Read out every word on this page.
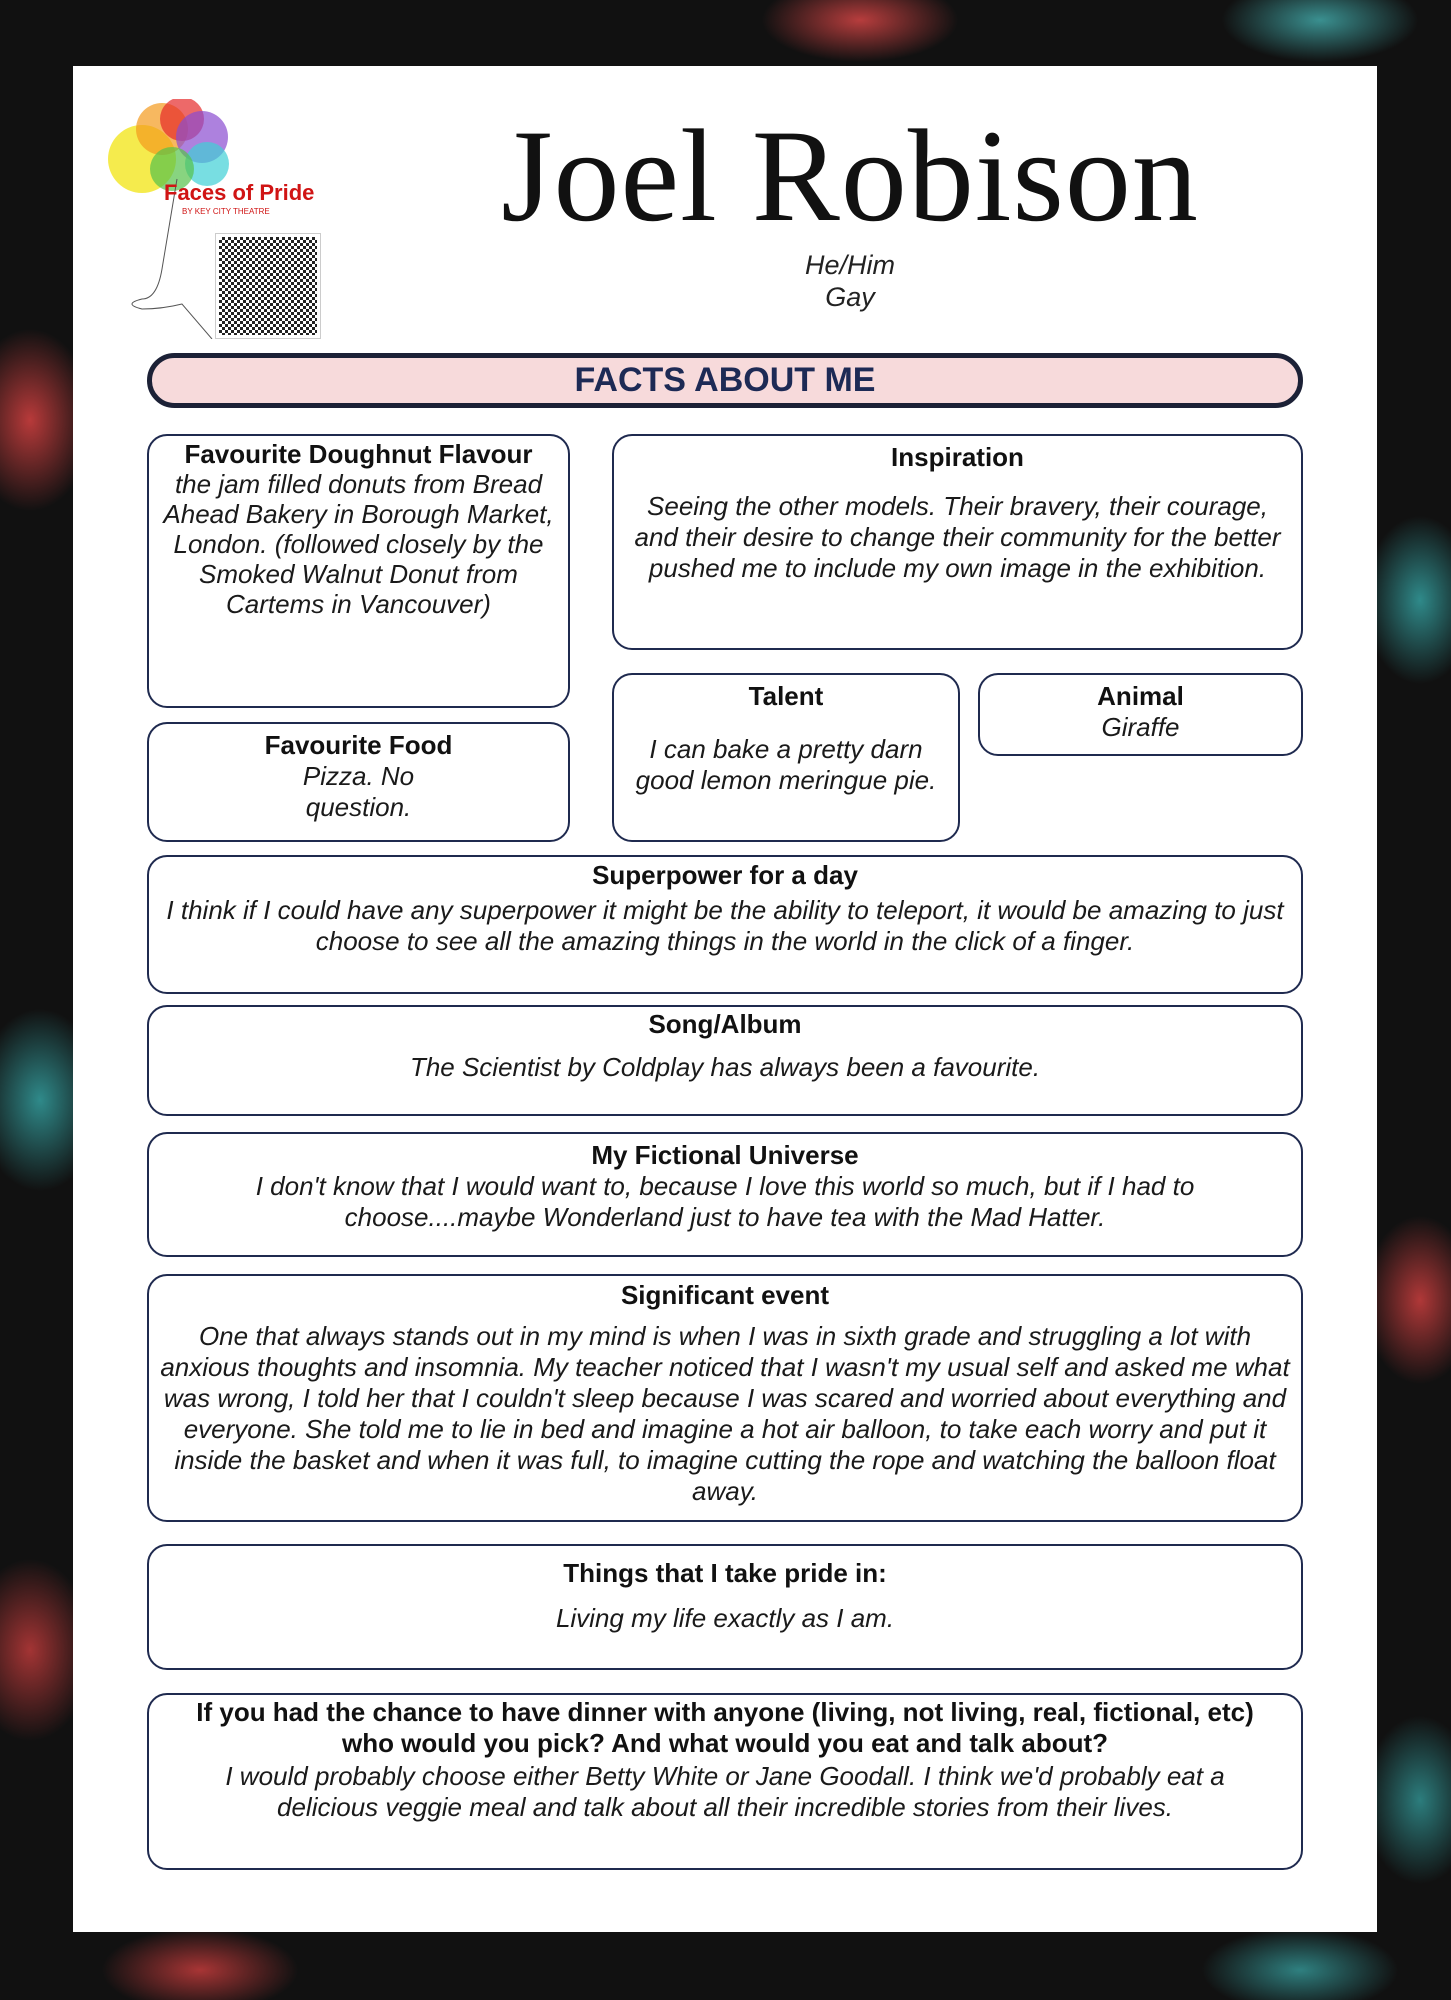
Faces of Pride
BY KEY CITY THEATRE	Joel Robison
He/Him
Gay
FACTS ABOUT ME
Favourite Doughnut Flavour

the jam filled donuts from Bread Ahead Bakery in Borough Market, London. (followed closely by the Smoked Walnut Donut from Cartems in Vancouver)

Inspiration

Seeing the other models. Their bravery, their courage, and their desire to change their community for the better pushed me to include my own image in the exhibition.

Favourite Food

Pizza. No question.

Talent

I can bake a pretty darn good lemon meringue pie.

Animal

Giraffe

Superpower for a day

I think if I could have any superpower it might be the ability to teleport, it would be amazing to just choose to see all the amazing things in the world in the click of a finger.

Song/Album

The Scientist by Coldplay has always been a favourite.

My Fictional Universe

I don't know that I would want to, because I love this world so much, but if I had to choose....maybe Wonderland just to have tea with the Mad Hatter.

Significant event

One that always stands out in my mind is when I was in sixth grade and struggling a lot with anxious thoughts and insomnia. My teacher noticed that I wasn't my usual self and asked me what was wrong, I told her that I couldn't sleep because I was scared and worried about everything and everyone. She told me to lie in bed and imagine a hot air balloon, to take each worry and put it inside the basket and when it was full, to imagine cutting the rope and watching the balloon float away.

Things that I take pride in:

Living my life exactly as I am.

If you had the chance to have dinner with anyone (living, not living, real, fictional, etc) who would you pick? And what would you eat and talk about?

I would probably choose either Betty White or Jane Goodall. I think we'd probably eat a delicious veggie meal and talk about all their incredible stories from their lives.
